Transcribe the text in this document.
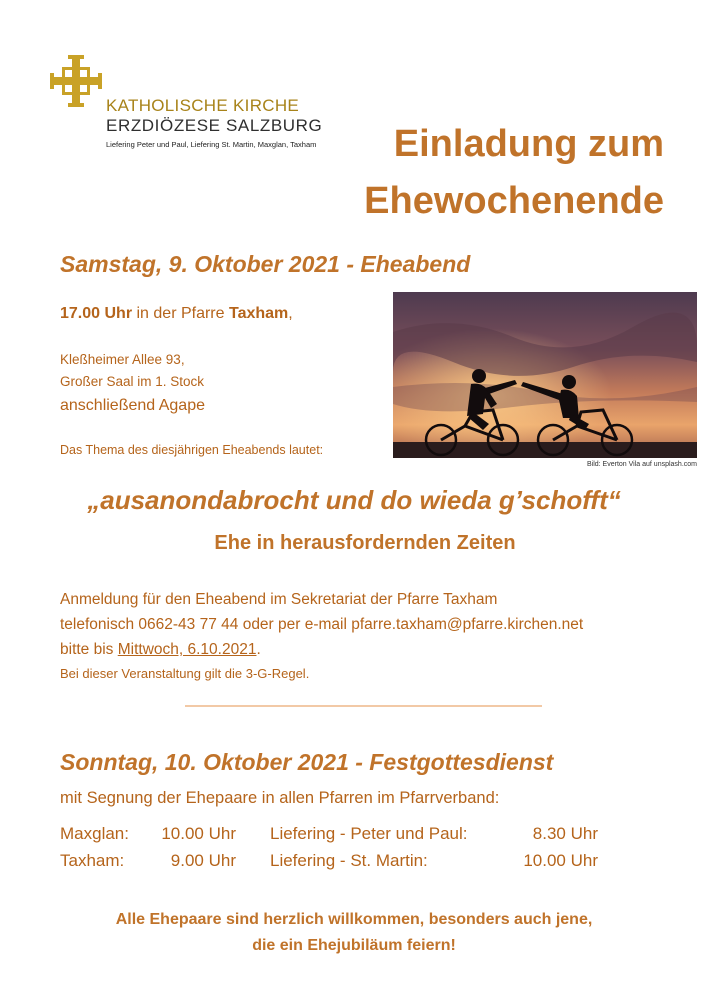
KATHOLISCHE KIRCHE
ERZDIÖZESE SALZBURG
Liefering Peter und Paul, Liefering St. Martin, Maxglan, Taxham	Einladung zum
Ehewochenende
Samstag, 9. Oktober 2021 - Eheabend
17.00 Uhr in der Pfarre Taxham,
Kleßheimer Allee 93,
Großer Saal im 1. Stock
anschließend Agape
Das Thema des diesjährigen Eheabends lautet:
Bild: Everton Vila auf unsplash.com
„ausanondabrocht und do wieda g’schofft“
Ehe in herausfordernden Zeiten
Anmeldung für den Eheabend im Sekretariat der Pfarre Taxham
telefonisch 0662-43 77 44 oder per e-mail pfarre.taxham@pfarre.kirchen.net
bitte bis Mittwoch, 6.10.2021.
Bei dieser Veranstaltung gilt die 3-G-Regel.
Sonntag, 10. Oktober 2021 - Festgottesdienst
mit Segnung der Ehepaare in allen Pfarren im Pfarrverband:
Maxglan:	10.00 Uhr Liefering - Peter und Paul:	8.30 Uhr
Taxham:	9.00 Uhr Liefering - St. Martin:	10.00 Uhr
Alle Ehepaare sind herzlich willkommen, besonders auch jene,
die ein Ehejubiläum feiern!
